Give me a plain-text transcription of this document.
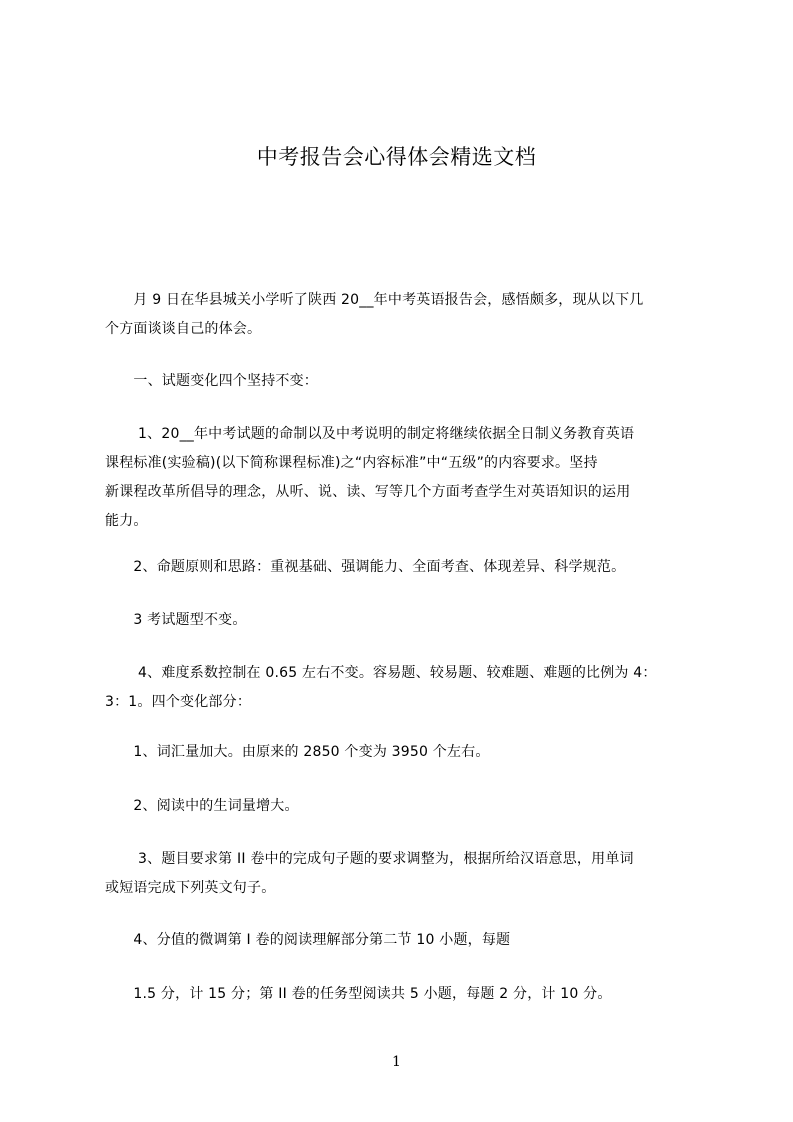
中考报告会心得体会精选文档
　　月 9 日在华县城关小学听了陕西 20__年中考英语报告会，感悟颇多，现从以下几
个方面谈谈自己的体会。
　　一、试题变化四个坚持不变：
　　 1、20__年中考试题的命制以及中考说明的制定将继续依据全日制义务教育英语
课程标准(实验稿)(以下简称课程标准)之“内容标准”中“五级”的内容要求。坚持
新课程改革所倡导的理念，从听、说、读、写等几个方面考查学生对英语知识的运用
能力。
　　2、命题原则和思路：重视基础、强调能力、全面考查、体现差异、科学规范。
　　3 考试题型不变。
　　 4、难度系数控制在 0.65 左右不变。容易题、较易题、较难题、难题的比例为 4：
3：1。四个变化部分：
　　1、词汇量加大。由原来的 2850 个变为 3950 个左右。
　　2、阅读中的生词量增大。
　　 3、题目要求第 II 卷中的完成句子题的要求调整为，根据所给汉语意思，用单词
或短语完成下列英文句子。
　　4、分值的微调第 I 卷的阅读理解部分第二节 10 小题，每题
　　1.5 分，计 15 分；第 II 卷的任务型阅读共 5 小题，每题 2 分，计 10 分。
1
